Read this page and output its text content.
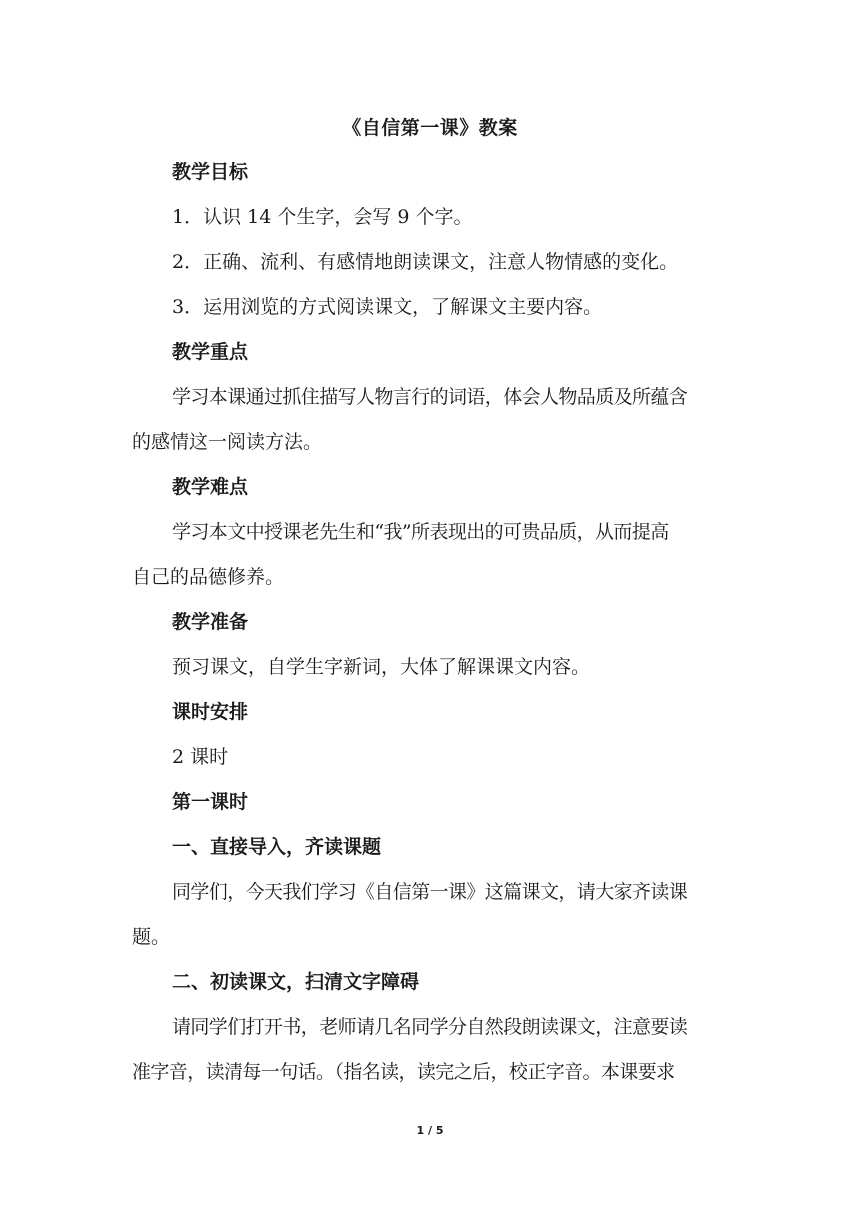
《自信第一课》教案
教学目标
1．认识 14 个生字，会写 9 个字。
2．正确、流利、有感情地朗读课文，注意人物情感的变化。
3．运用浏览的方式阅读课文，了解课文主要内容。
教学重点
学习本课通过抓住描写人物言行的词语，体会人物品质及所蕴含
的感情这一阅读方法。
教学难点
学习本文中授课老先生和“我”所表现出的可贵品质，从而提高
自己的品德修养。
教学准备
预习课文，自学生字新词，大体了解课课文内容。
课时安排
2 课时
第一课时
一、直接导入，齐读课题
同学们，今天我们学习《自信第一课》这篇课文，请大家齐读课
题。
二、初读课文，扫清文字障碍
请同学们打开书，老师请几名同学分自然段朗读课文，注意要读
准字音，读清每一句话。（指名读，读完之后，校正字音。本课要求
1 / 5
